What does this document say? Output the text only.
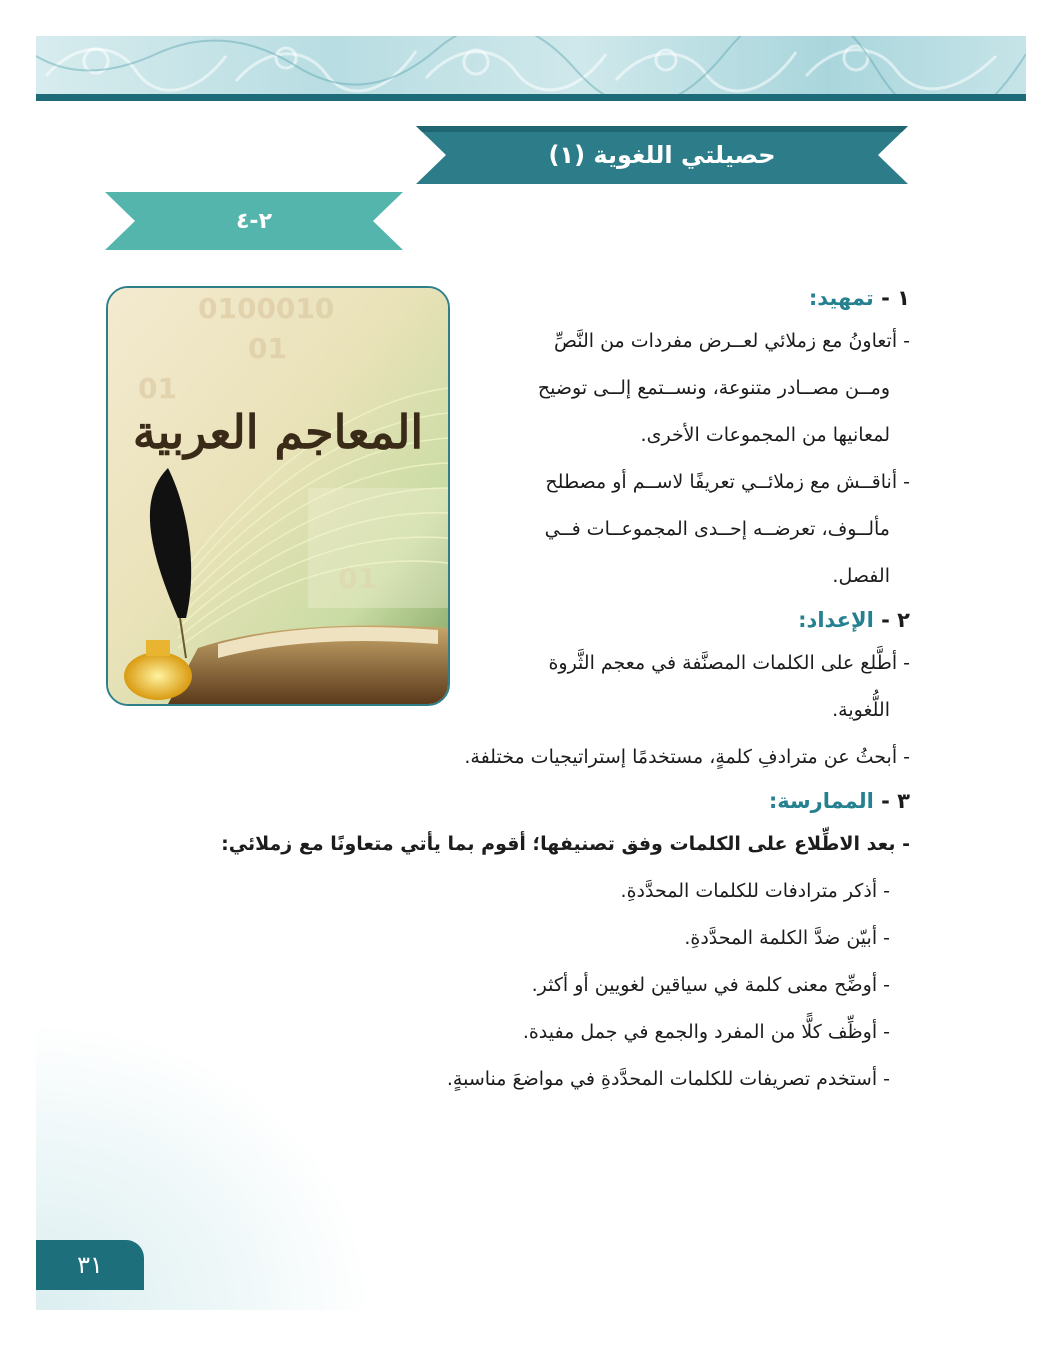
حصيلتي اللغوية (١)
٢-٤
0100010
01
01
01
المعاجم العربية

١ - تمهيد:

- أتعاونُ مع زملائي لعــرض مفردات من النَّصِّ

ومــن مصــادر متنوعة، ونســتمع إلــى توضيح

لمعانيها من المجموعات الأخرى.

- أناقــش مع زملائــي تعريفًا لاســم أو مصطلح

مألــوف، تعرضــه إحــدى المجموعــات فــي

الفصل.

٢ - الإعداد:

- أطَّلع على الكلمات المصنَّفة في معجم الثَّروة

اللُّغوية.

- أبحثُ عن مترادفِ كلمةٍ، مستخدمًا إستراتيجيات مختلفة.

٣ - الممارسة:

- بعد الاطِّلاع على الكلمات وفق تصنيفها؛ أقوم بما يأتي متعاونًا مع زملائي:

- أذكر مترادفات للكلمات المحدَّدةِ.

- أبيّن ضدَّ الكلمة المحدَّدةِ.

- أوضِّح معنى كلمة في سياقين لغويين أو أكثر.

- أوظِّف كلًّا من المفرد والجمع في جمل مفيدة.

- أستخدم تصريفات للكلمات المحدَّدةِ في مواضعَ مناسبةٍ.

٣١
